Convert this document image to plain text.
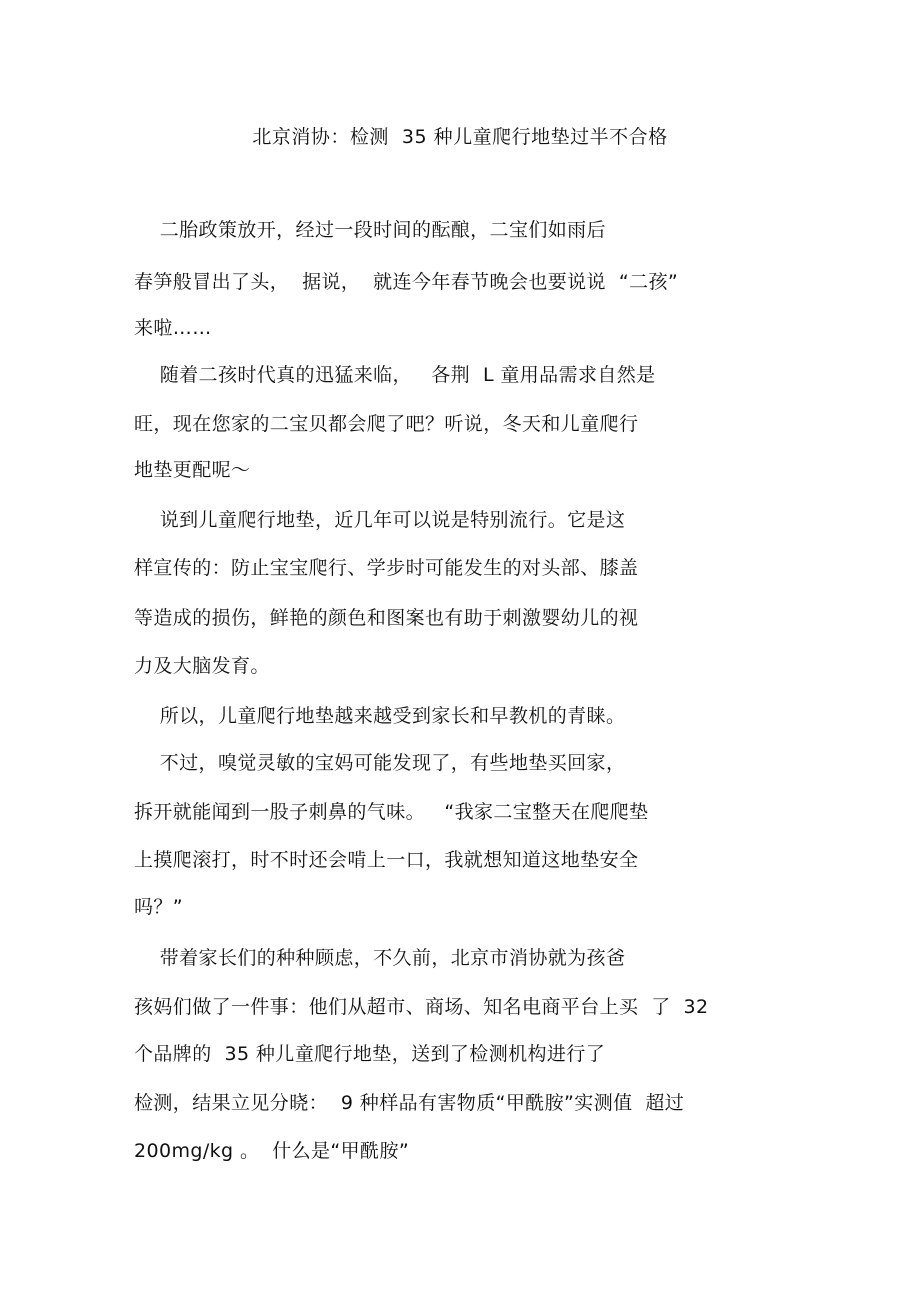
北京消协：检测  35 种儿童爬行地垫过半不合格
二胎政策放开，经过一段时间的酝酿，二宝们如雨后
春笋般冒出了头，  据说，  就连今年春节晚会也要说说  “二孩”
来啦……
随着二孩时代真的迅猛来临，   各荆  L 童用品需求自然是
旺，现在您家的二宝贝都会爬了吧？听说，冬天和儿童爬行
地垫更配呢～
说到儿童爬行地垫，近几年可以说是特别流行。它是这
样宣传的：防止宝宝爬行、学步时可能发生的对头部、膝盖
等造成的损伤，鲜艳的颜色和图案也有助于刺激婴幼儿的视
力及大脑发育。
所以，儿童爬行地垫越来越受到家长和早教机的青睐。
不过，嗅觉灵敏的宝妈可能发现了，有些地垫买回家，
拆开就能闻到一股子刺鼻的气味。   “我家二宝整天在爬爬垫
上摸爬滚打，时不时还会啃上一口，我就想知道这地垫安全
吗？”
带着家长们的种种顾虑，不久前，北京市消协就为孩爸
孩妈们做了一件事：他们从超市、商场、知名电商平台上买  了  32
个品牌的  35 种儿童爬行地垫，送到了检测机构进行了
检测，结果立见分晓：  9 种样品有害物质“甲酰胺”实测值  超过
200mg/kg 。  什么是“甲酰胺”
